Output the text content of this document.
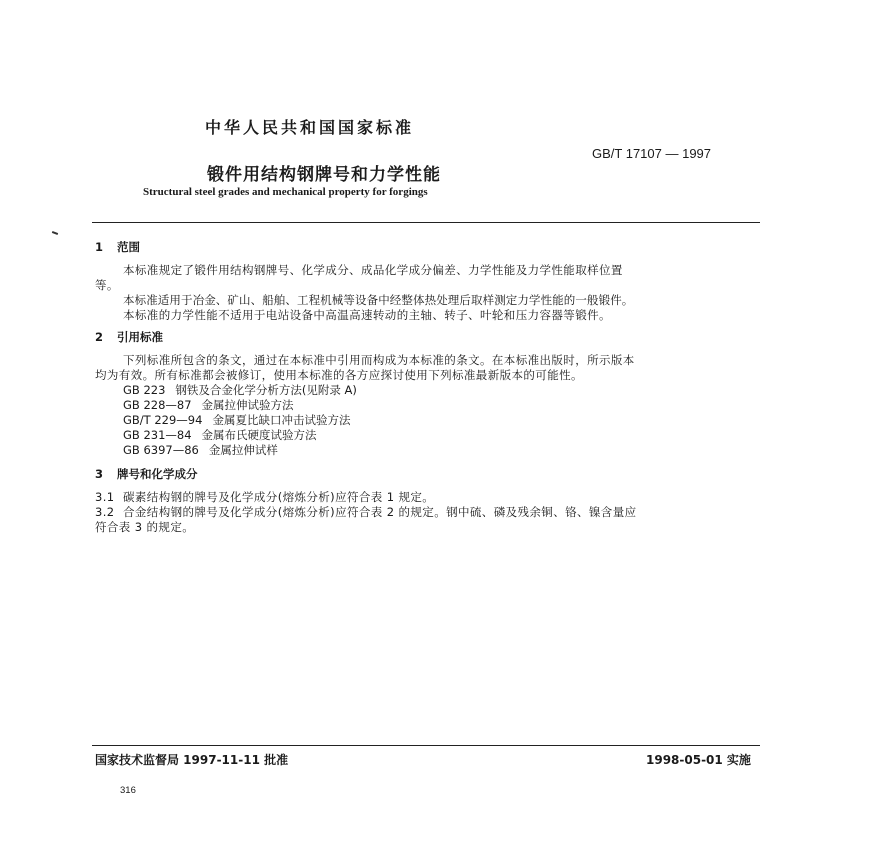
中华人民共和国国家标准
GB/T 17107 — 1997
锻件用结构钢牌号和力学性能
Structural steel grades and mechanical property for forgings
1 范围
本标准规定了锻件用结构钢牌号、化学成分、成品化学成分偏差、力学性能及力学性能取样位置
等。
本标准适用于冶金、矿山、船舶、工程机械等设备中经整体热处理后取样测定力学性能的一般锻件。
本标准的力学性能不适用于电站设备中高温高速转动的主轴、转子、叶轮和压力容器等锻件。
2 引用标准
下列标准所包含的条文，通过在本标准中引用而构成为本标准的条文。在本标准出版时，所示版本
均为有效。所有标准都会被修订，使用本标准的各方应探讨使用下列标准最新版本的可能性。
GB 223 钢铁及合金化学分析方法(见附录 A)
GB 228—87 金属拉伸试验方法
GB/T 229—94 金属夏比缺口冲击试验方法
GB 231—84 金属布氏硬度试验方法
GB 6397—86 金属拉伸试样
3 牌号和化学成分
3.1 碳素结构钢的牌号及化学成分(熔炼分析)应符合表 1 规定。
3.2 合金结构钢的牌号及化学成分(熔炼分析)应符合表 2 的规定。钢中硫、磷及残余铜、铬、镍含量应
符合表 3 的规定。
国家技术监督局 1997-11-11 批准	1998-05-01 实施
316
